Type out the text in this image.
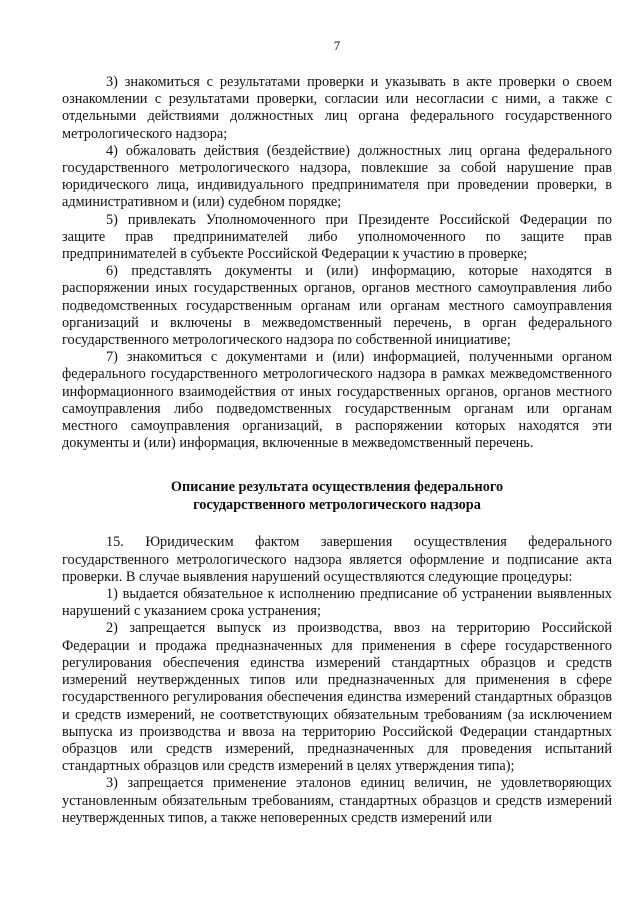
7

3) знакомиться с результатами проверки и указывать в акте проверки о своем ознакомлении с результатами проверки, согласии или несогласии с ними, а также с отдельными действиями должностных лиц органа федерального государственного метрологического надзора;

4) обжаловать действия (бездействие) должностных лиц органа федерального государственного метрологического надзора, повлекшие за собой нарушение прав юридического лица, индивидуального предпринимателя при проведении проверки, в административном и (или) судебном порядке;

5) привлекать Уполномоченного при Президенте Российской Федерации по защите прав предпринимателей либо уполномоченного по защите прав предпринимателей в субъекте Российской Федерации к участию в проверке;

6) представлять документы и (или) информацию, которые находятся в распоряжении иных государственных органов, органов местного самоуправления либо подведомственных государственным органам или органам местного самоуправления организаций и включены в межведомственный перечень, в орган федерального государственного метрологического надзора по собственной инициативе;

7) знакомиться с документами и (или) информацией, полученными органом федерального государственного метрологического надзора в рамках межведомственного информационного взаимодействия от иных государственных органов, органов местного самоуправления либо подведомственных государственным органам или органам местного самоуправления организаций, в распоряжении которых находятся эти документы и (или) информация, включенные в межведомственный перечень.

Описание результата осуществления федерального
государственного метрологического надзора

15. Юридическим фактом завершения осуществления федерального государственного метрологического надзора является оформление и подписание акта проверки. В случае выявления нарушений осуществляются следующие процедуры:

1) выдается обязательное к исполнению предписание об устранении выявленных нарушений с указанием срока устранения;

2) запрещается выпуск из производства, ввоз на территорию Российской Федерации и продажа предназначенных для применения в сфере государственного регулирования обеспечения единства измерений стандартных образцов и средств измерений неутвержденных типов или предназначенных для применения в сфере государственного регулирования обеспечения единства измерений стандартных образцов и средств измерений, не соответствующих обязательным требованиям (за исключением выпуска из производства и ввоза на территорию Российской Федерации стандартных образцов или средств измерений, предназначенных для проведения испытаний стандартных образцов или средств измерений в целях утверждения типа);

3) запрещается применение эталонов единиц величин, не удовлетворяющих установленным обязательным требованиям, стандартных образцов и средств измерений неутвержденных типов, а также неповеренных средств измерений или
